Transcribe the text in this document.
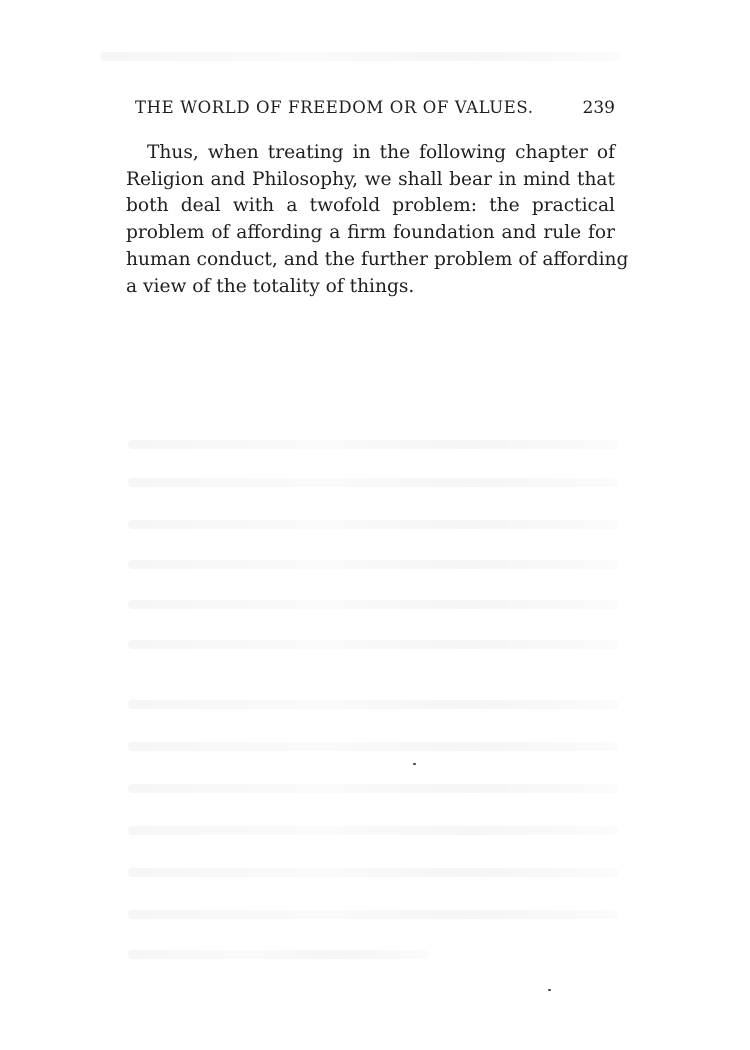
THE WORLD OF FREEDOM OR OF VALUES.	239
Thus, when treating in the following chapter of
Religion and Philosophy, we shall bear in mind that
both deal with a twofold problem: the practical
problem of affording a firm foundation and rule for
human conduct, and the further problem of affording
a view of the totality of things.
